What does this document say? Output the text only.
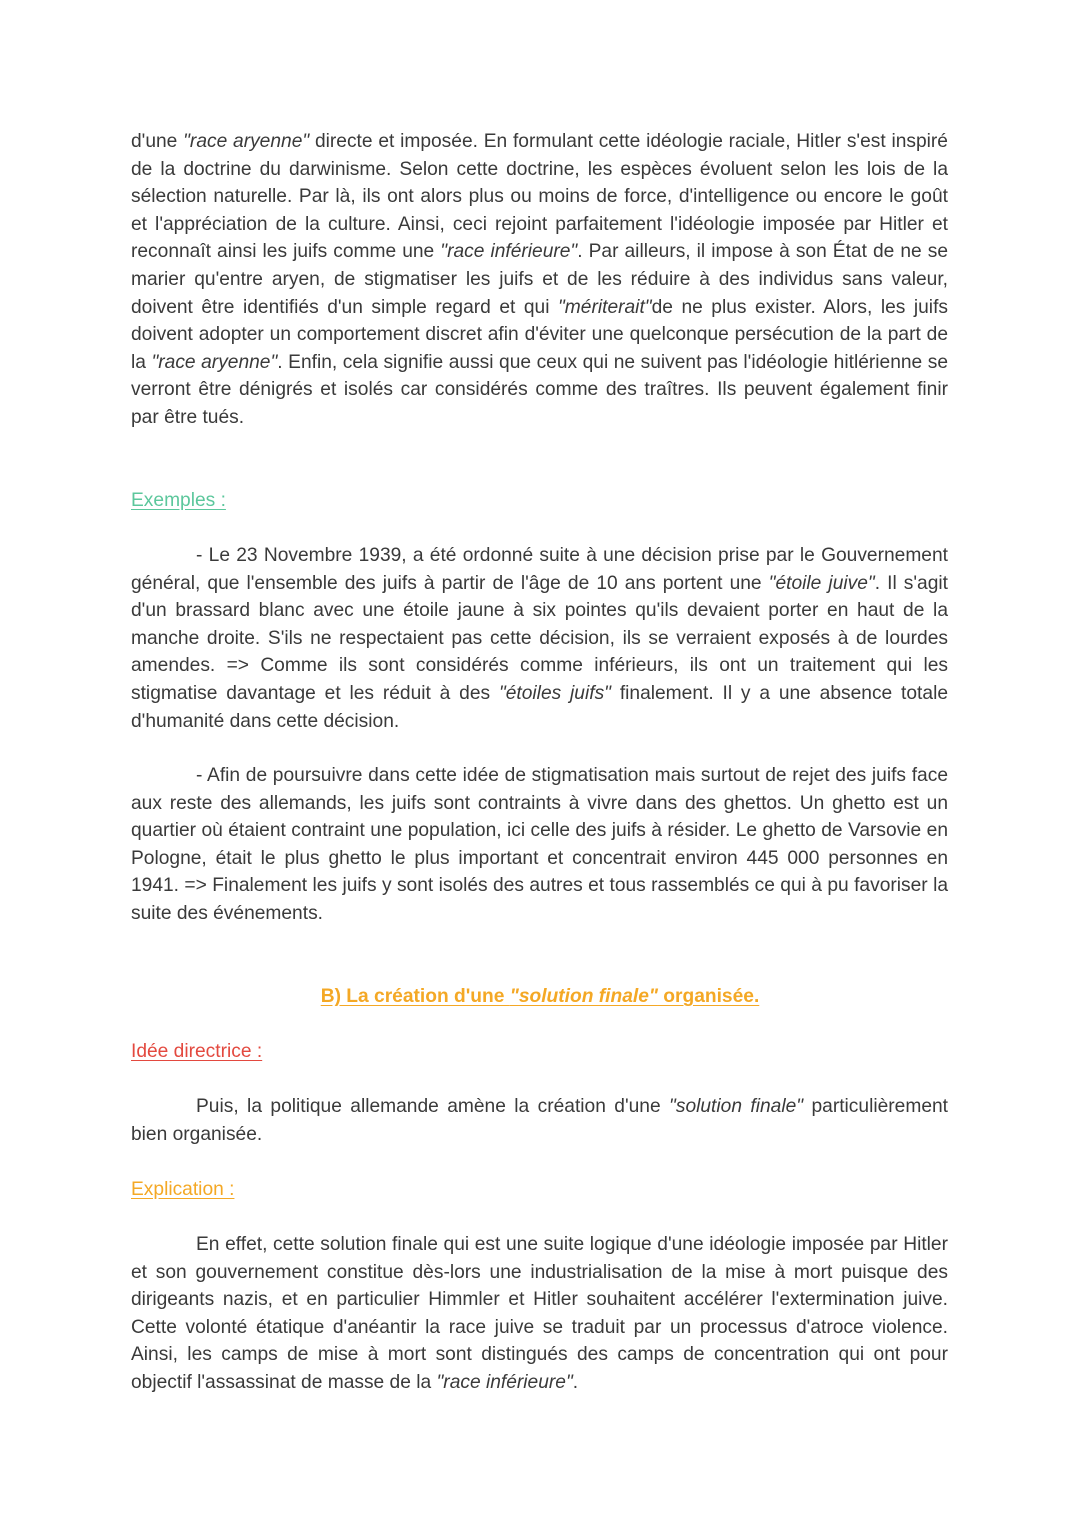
d'une "race aryenne" directe et imposée. En formulant cette idéologie raciale, Hitler s'est inspiré de la doctrine du darwinisme. Selon cette doctrine, les espèces évoluent selon les lois de la sélection naturelle. Par là, ils ont alors plus ou moins de force, d'intelligence ou encore le goût et l'appréciation de la culture. Ainsi, ceci rejoint parfaitement l'idéologie imposée par Hitler et reconnaît ainsi les juifs comme une "race inférieure". Par ailleurs, il impose à son État de ne se marier qu'entre aryen, de stigmatiser les juifs et de les réduire à des individus sans valeur, doivent être identifiés d'un simple regard et qui "mériterait"de ne plus exister. Alors, les juifs doivent adopter un comportement discret afin d'éviter une quelconque persécution de la part de la "race aryenne". Enfin, cela signifie aussi que ceux qui ne suivent pas l'idéologie hitlérienne se verront être dénigrés et isolés car considérés comme des traîtres. Ils peuvent également finir par être tués.

Exemples :

- Le 23 Novembre 1939, a été ordonné suite à une décision prise par le Gouvernement général, que l'ensemble des juifs à partir de l'âge de 10 ans portent une "étoile juive". Il s'agit d'un brassard blanc avec une étoile jaune à six pointes qu'ils devaient porter en haut de la manche droite. S'ils ne respectaient pas cette décision, ils se verraient exposés à de lourdes amendes. => Comme ils sont considérés comme inférieurs, ils ont un traitement qui les stigmatise davantage et les réduit à des "étoiles juifs" finalement. Il y a une absence totale d'humanité dans cette décision.

- Afin de poursuivre dans cette idée de stigmatisation mais surtout de rejet des juifs face aux reste des allemands, les juifs sont contraints à vivre dans des ghettos. Un ghetto est un quartier où étaient contraint une population, ici celle des juifs à résider. Le ghetto de Varsovie en Pologne, était le plus ghetto le plus important et concentrait environ 445 000 personnes en 1941. => Finalement les juifs y sont isolés des autres et tous rassemblés ce qui à pu favoriser la suite des événements.

B) La création d'une "solution finale" organisée.
Idée directrice :

Puis, la politique allemande amène la création d'une "solution finale" particulièrement bien organisée.

Explication :

En effet, cette solution finale qui est une suite logique d'une idéologie imposée par Hitler et son gouvernement constitue dès-lors une industrialisation de la mise à mort puisque des dirigeants nazis, et en particulier Himmler et Hitler souhaitent accélérer l'extermination juive. Cette volonté étatique d'anéantir la race juive se traduit par un processus d'atroce violence. Ainsi, les camps de mise à mort sont distingués des camps de concentration qui ont pour objectif l'assassinat de masse de la "race inférieure".
